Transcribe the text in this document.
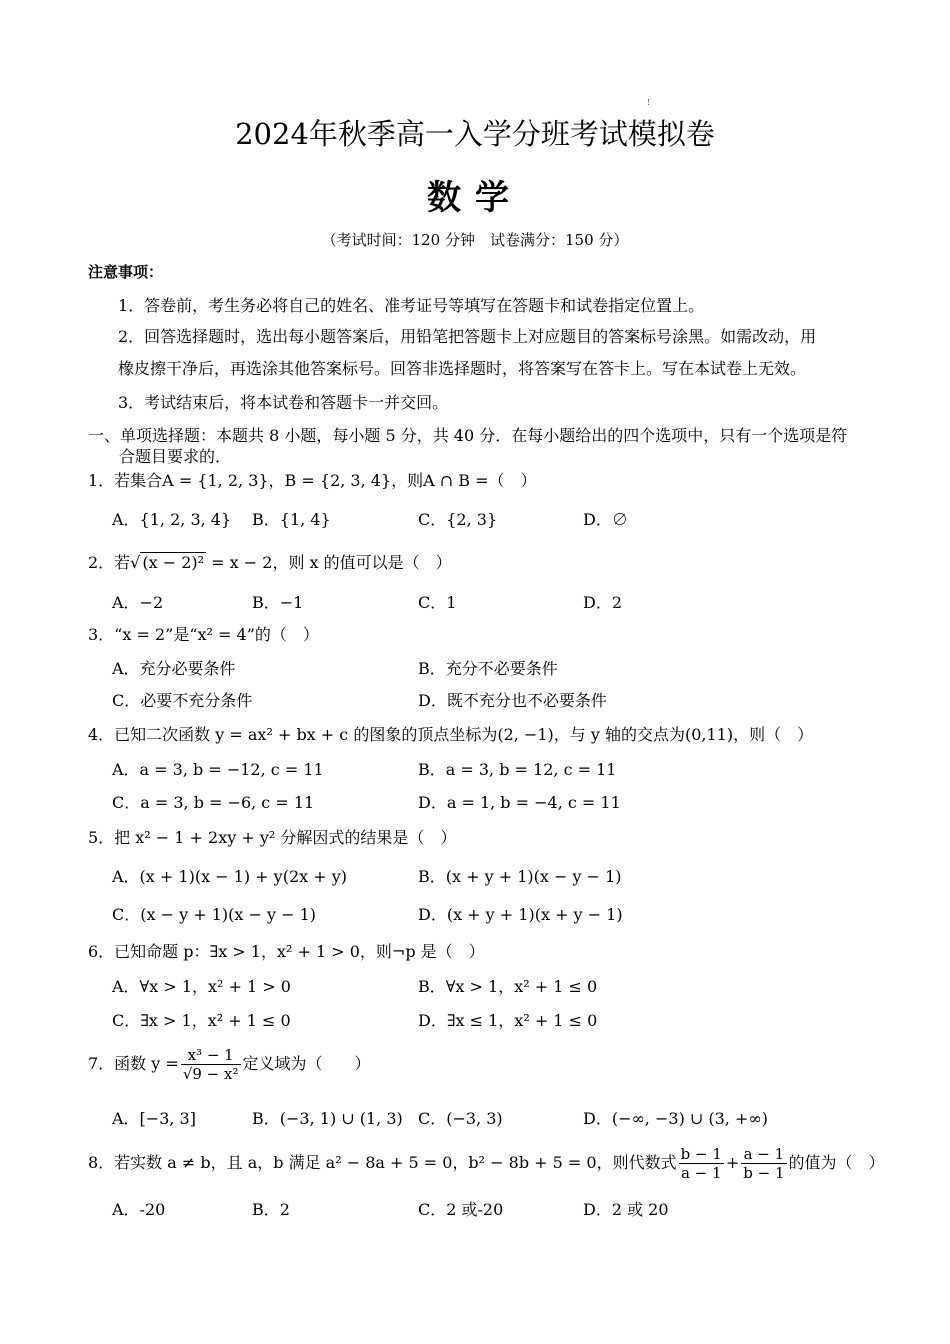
!
2024年秋季高一入学分班考试模拟卷
数学
（考试时间：120 分钟　试卷满分：150 分）
注意事项：
1．答卷前，考生务必将自己的姓名、准考证号等填写在答题卡和试卷指定位置上。
2．回答选择题时，选出每小题答案后，用铅笔把答题卡上对应题目的答案标号涂黑。如需改动，用
橡皮擦干净后，再选涂其他答案标号。回答非选择题时，将答案写在答卡上。写在本试卷上无效。
3．考试结束后，将本试卷和答题卡一并交回。
一、单项选择题：本题共 8 小题，每小题 5 分，共 40 分．在每小题给出的四个选项中，只有一个选项是符
合题目要求的．
1．若集合A = {1, 2, 3}，B = {2, 3, 4}，则A ∩ B =（　）
A．{1, 2, 3, 4} B．{1, 4}	C．{2, 3}	D．∅
2．若√ (x − 2)² = x − 2，则 x 的值可以是（　）
A．−2	B．−1	C．1	D．2
3．“x = 2”是“x² = 4”的（　）
A．充分必要条件	B．充分不必要条件
C．必要不充分条件	D．既不充分也不必要条件
4．已知二次函数 y = ax² + bx + c 的图象的顶点坐标为(2, −1)，与 y 轴的交点为(0,11)，则（　）
A．a = 3, b = −12, c = 11	B．a = 3, b = 12, c = 11
C．a = 3, b = −6, c = 11	D．a = 1, b = −4, c = 11
5．把 x² − 1 + 2xy + y² 分解因式的结果是（　）
A．(x + 1)(x − 1) + y(2x + y)	B．(x + y + 1)(x − y − 1)
C．(x − y + 1)(x − y − 1)	D．(x + y + 1)(x + y − 1)
6．已知命题 p：∃x > 1，x² + 1 > 0，则¬p 是（　）
A．∀x > 1，x² + 1 > 0	B．∀x > 1，x² + 1 ≤ 0
C．∃x > 1，x² + 1 ≤ 0	D．∃x ≤ 1，x² + 1 ≤ 0
7．函数 $y = \frac{\text{x³ − 1}}{\text{√9 − x²}}$ 定义域为（　　）
A．[−3, 3]	B．(−3, 1) ∪ (1, 3) C．(−3, 3)	D．(−∞, −3) ∪ (3, +∞)
8．若实数 a ≠ b，且 a，b 满足 a² − 8a + 5 = 0，b² − 8b + 5 = 0，则代数式 $\frac{b - 1}{a - 1} + \frac{a - 1}{b - 1}$ 的值为（　）
A．-20	B．2	C．2 或-20	D．2 或 20
